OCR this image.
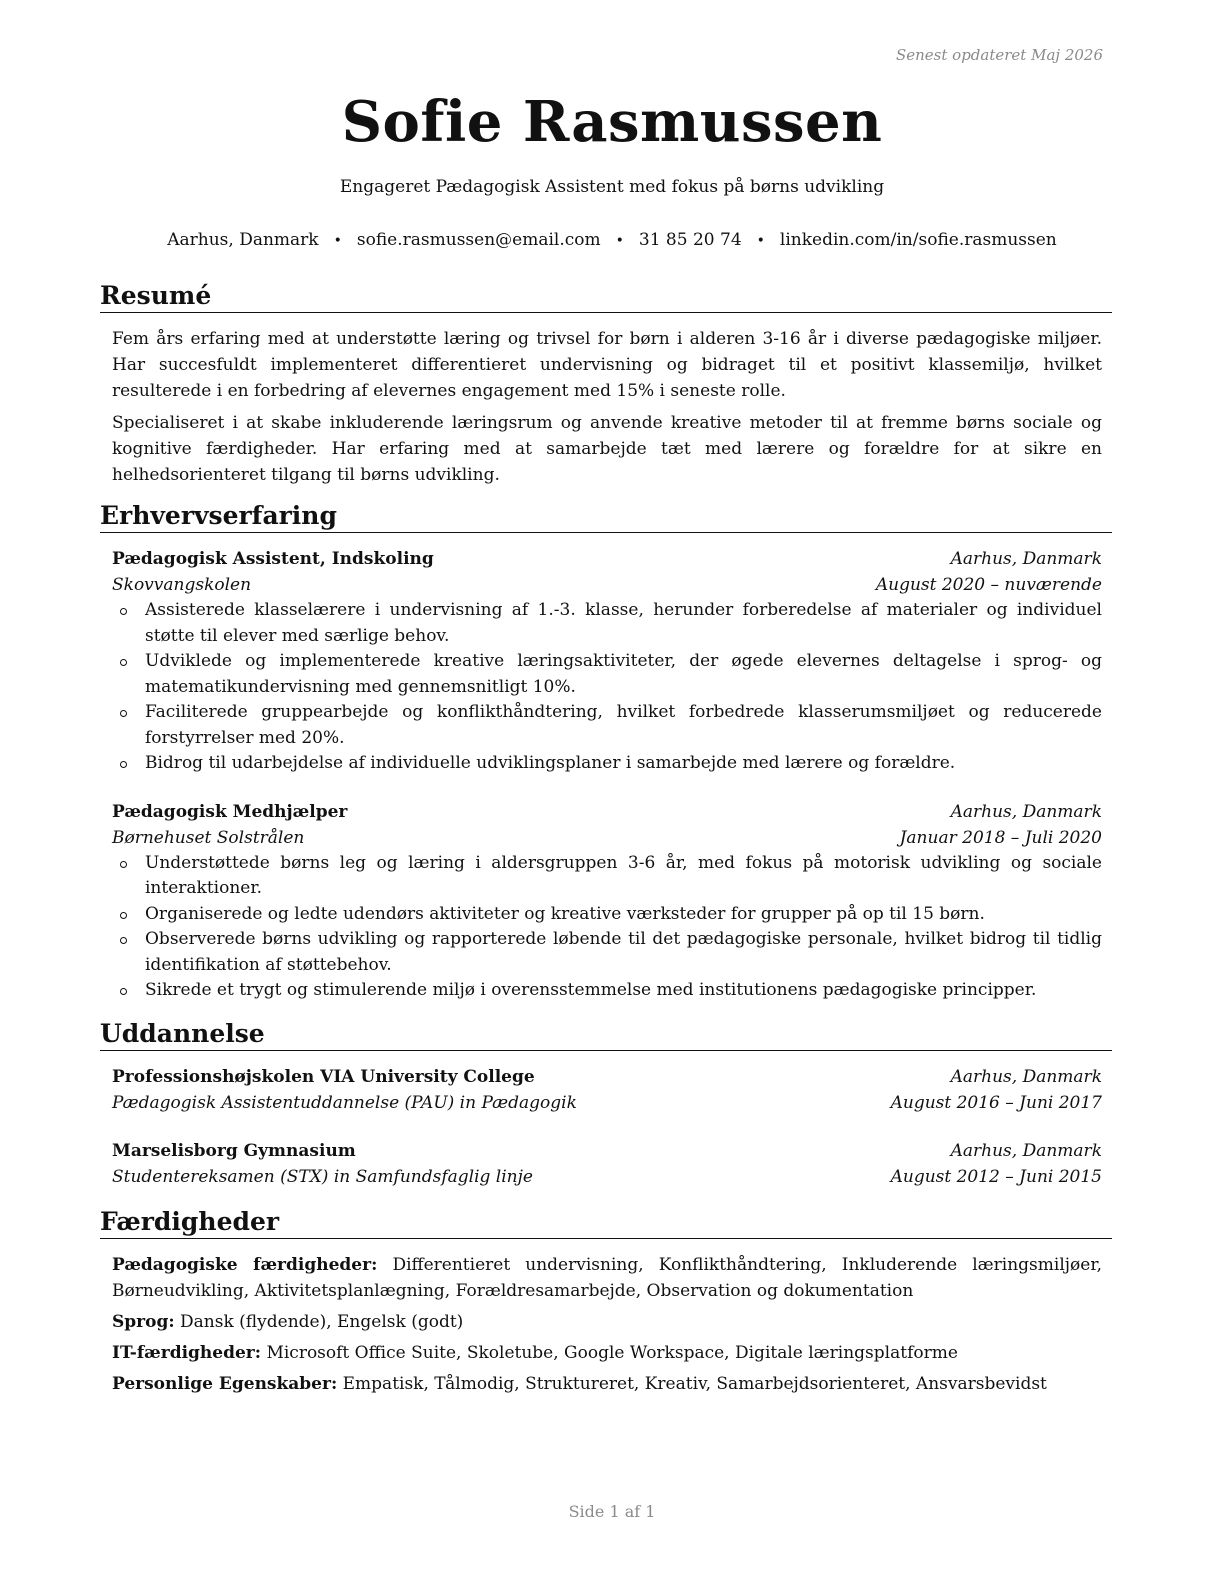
Senest opdateret Maj 2026
Sofie Rasmussen
Engageret Pædagogisk Assistent med fokus på børns udvikling
Aarhus, Danmark • sofie.rasmussen@email.com • 31 85 20 74 • linkedin.com/in/sofie.rasmussen
Resumé

Fem års erfaring med at understøtte læring og trivsel for børn i alderen 3-16 år i diverse pædagogiske miljøer. Har succesfuldt implementeret differentieret undervisning og bidraget til et positivt klassemiljø, hvilket resulterede i en forbedring af elevernes engagement med 15% i seneste rolle.

Specialiseret i at skabe inkluderende læringsrum og anvende kreative metoder til at fremme børns sociale og kognitive færdigheder. Har erfaring med at samarbejde tæt med lærere og forældre for at sikre en helhedsorienteret tilgang til børns udvikling.

Erhvervserfaring
Pædagogisk Assistent, Indskoling	Aarhus, Danmark
Skovvangskolen	August 2020 – nuværende
Assisterede klasselærere i undervisning af 1.-3. klasse, herunder forberedelse af materialer og individuel støtte til elever med særlige behov.
Udviklede og implementerede kreative læringsaktiviteter, der øgede elevernes deltagelse i sprog- og matematikundervisning med gennemsnitligt 10%.
Faciliterede gruppearbejde og konflikthåndtering, hvilket forbedrede klasserumsmiljøet og reducerede forstyrrelser med 20%.
Bidrog til udarbejdelse af individuelle udviklingsplaner i samarbejde med lærere og forældre.
Pædagogisk Medhjælper	Aarhus, Danmark
Børnehuset Solstrålen	Januar 2018 – Juli 2020
Understøttede børns leg og læring i aldersgruppen 3-6 år, med fokus på motorisk udvikling og sociale interaktioner.
Organiserede og ledte udendørs aktiviteter og kreative værksteder for grupper på op til 15 børn.
Observerede børns udvikling og rapporterede løbende til det pædagogiske personale, hvilket bidrog til tidlig identifikation af støttebehov.
Sikrede et trygt og stimulerende miljø i overensstemmelse med institutionens pædagogiske principper.
Uddannelse
Professionshøjskolen VIA University College	Aarhus, Danmark
Pædagogisk Assistentuddannelse (PAU) in Pædagogik	August 2016 – Juni 2017
Marselisborg Gymnasium	Aarhus, Danmark
Studentereksamen (STX) in Samfundsfaglig linje	August 2012 – Juni 2015
Færdigheder
Pædagogiske færdigheder: Differentieret undervisning, Konflikthåndtering, Inkluderende læringsmiljøer, Børneudvikling, Aktivitetsplanlægning, Forældresamarbejde, Observation og dokumentation
Sprog: Dansk (flydende), Engelsk (godt)
IT-færdigheder: Microsoft Office Suite, Skoletube, Google Workspace, Digitale læringsplatforme
Personlige Egenskaber: Empatisk, Tålmodig, Struktureret, Kreativ, Samarbejdsorienteret, Ansvarsbevidst
Side 1 af 1
